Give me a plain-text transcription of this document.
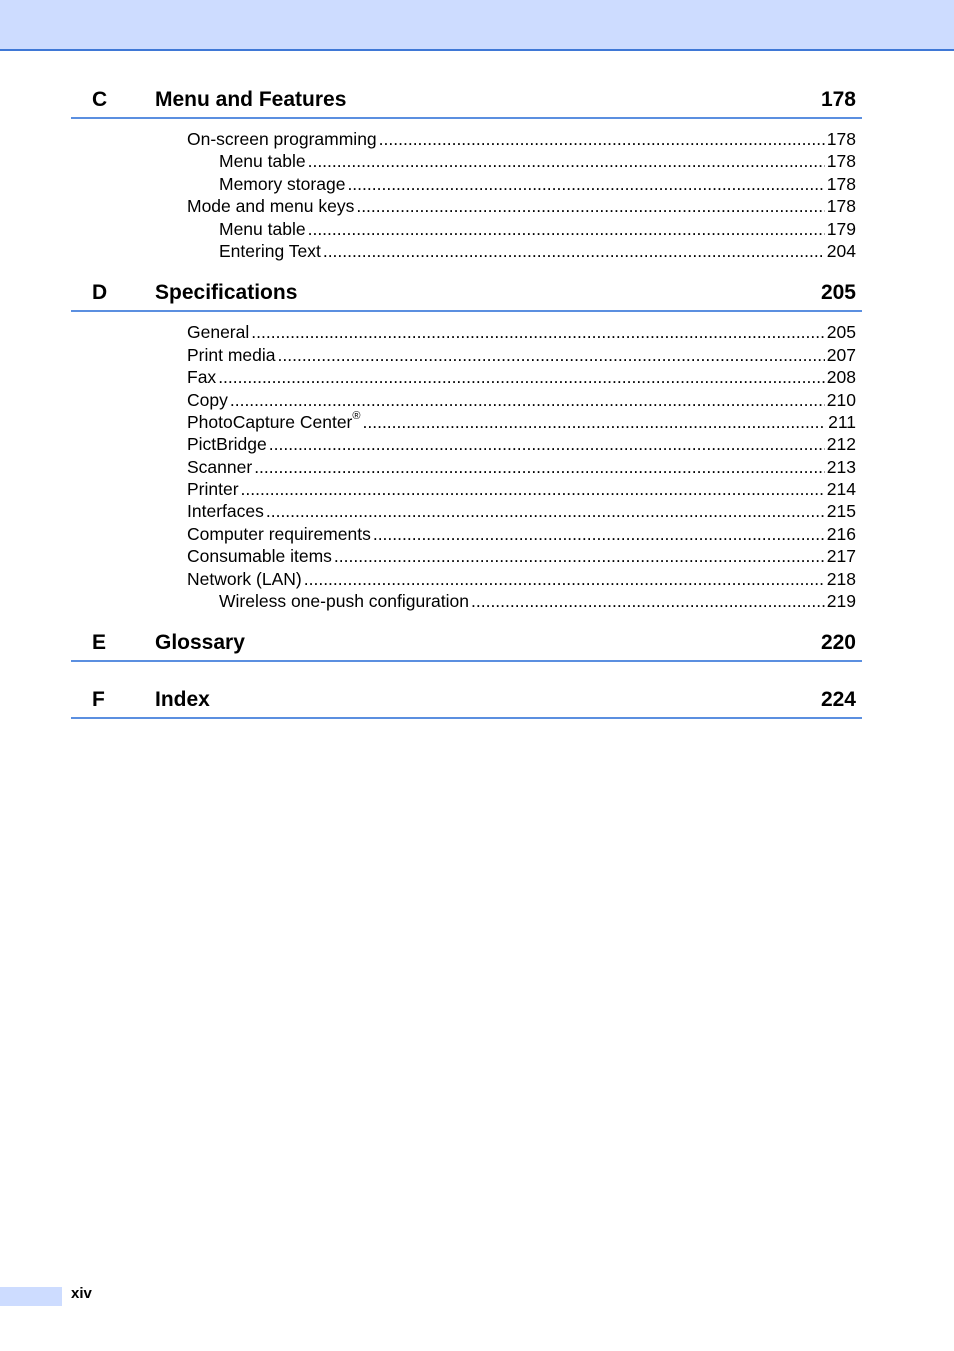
C Menu and Features	178
On-screen programming .....	178
Menu table .....	178
Memory storage .....	178
Mode and menu keys .....	178
Menu table .....	179
Entering Text .....	204
D Specifications	205
General .....	205
Print media .....	207
Fax .....	208
Copy .....	210
PhotoCapture Center® .....	211
PictBridge .....	212
Scanner .....	213
Printer .....	214
Interfaces .....	215
Computer requirements .....	216
Consumable items .....	217
Network (LAN) .....	218
Wireless one-push configuration .....	219
E Glossary	220
F Index	224
xiv
